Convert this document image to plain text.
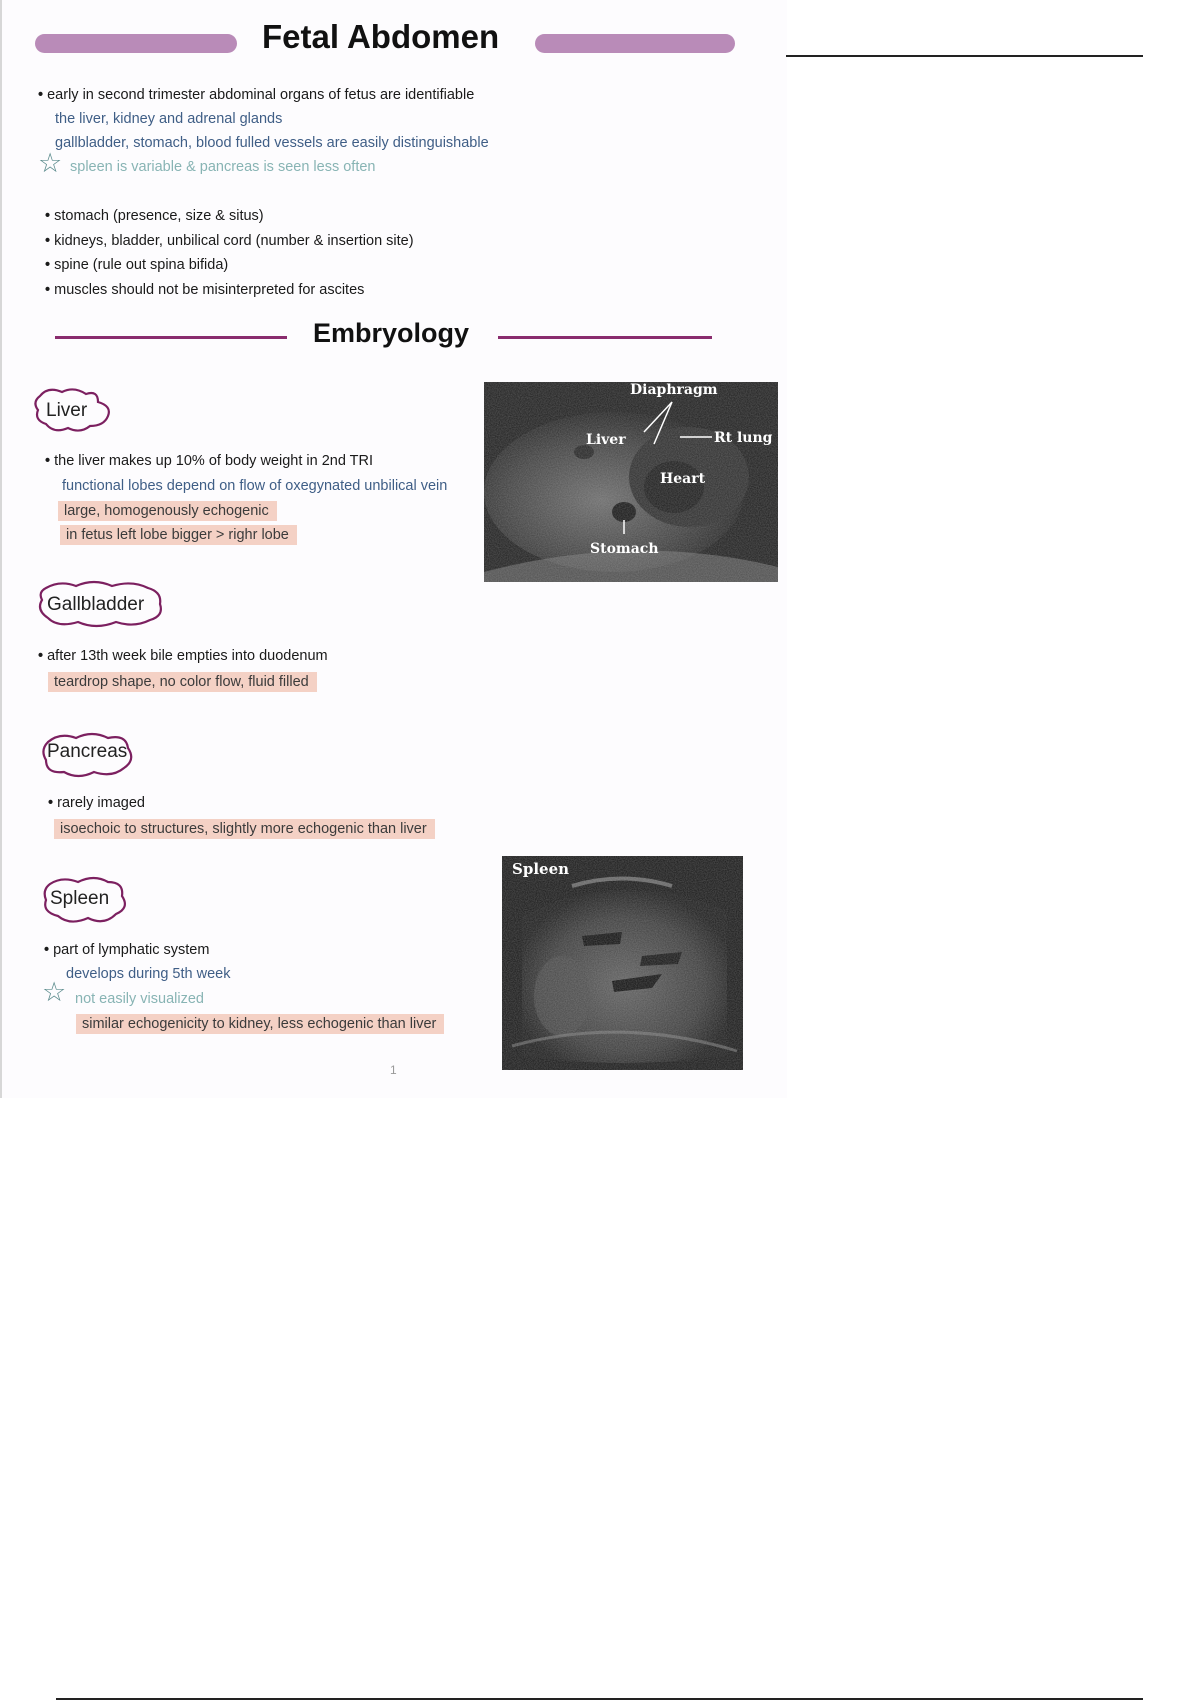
Fetal Abdomen
• early in second trimester abdominal organs of fetus are identifiable
the liver, kidney and adrenal glands
gallbladder, stomach, blood fulled vessels are easily distinguishable
☆ spleen is variable & pancreas is seen less often
• stomach (presence, size & situs)
• kidneys, bladder, unbilical cord (number & insertion site)
• spine (rule out spina bifida)
• muscles should not be misinterpreted for ascites
Embryology
Liver
• the liver makes up 10% of body weight in 2nd TRI
functional lobes depend on flow of oxegynated unbilical vein
large, homogenously echogenic
in fetus left lobe bigger > righr lobe
Diaphragm
Liver	Rt lung
Heart
Stomach
Gallbladder
• after 13th week bile empties into duodenum
teardrop shape, no color flow, fluid filled
Pancreas
• rarely imaged
isoechoic to structures, slightly more echogenic than liver
Spleen
• part of lymphatic system
develops during 5th week
☆ not easily visualized
similar echogenicity to kidney, less echogenic than liver
Spleen
1
